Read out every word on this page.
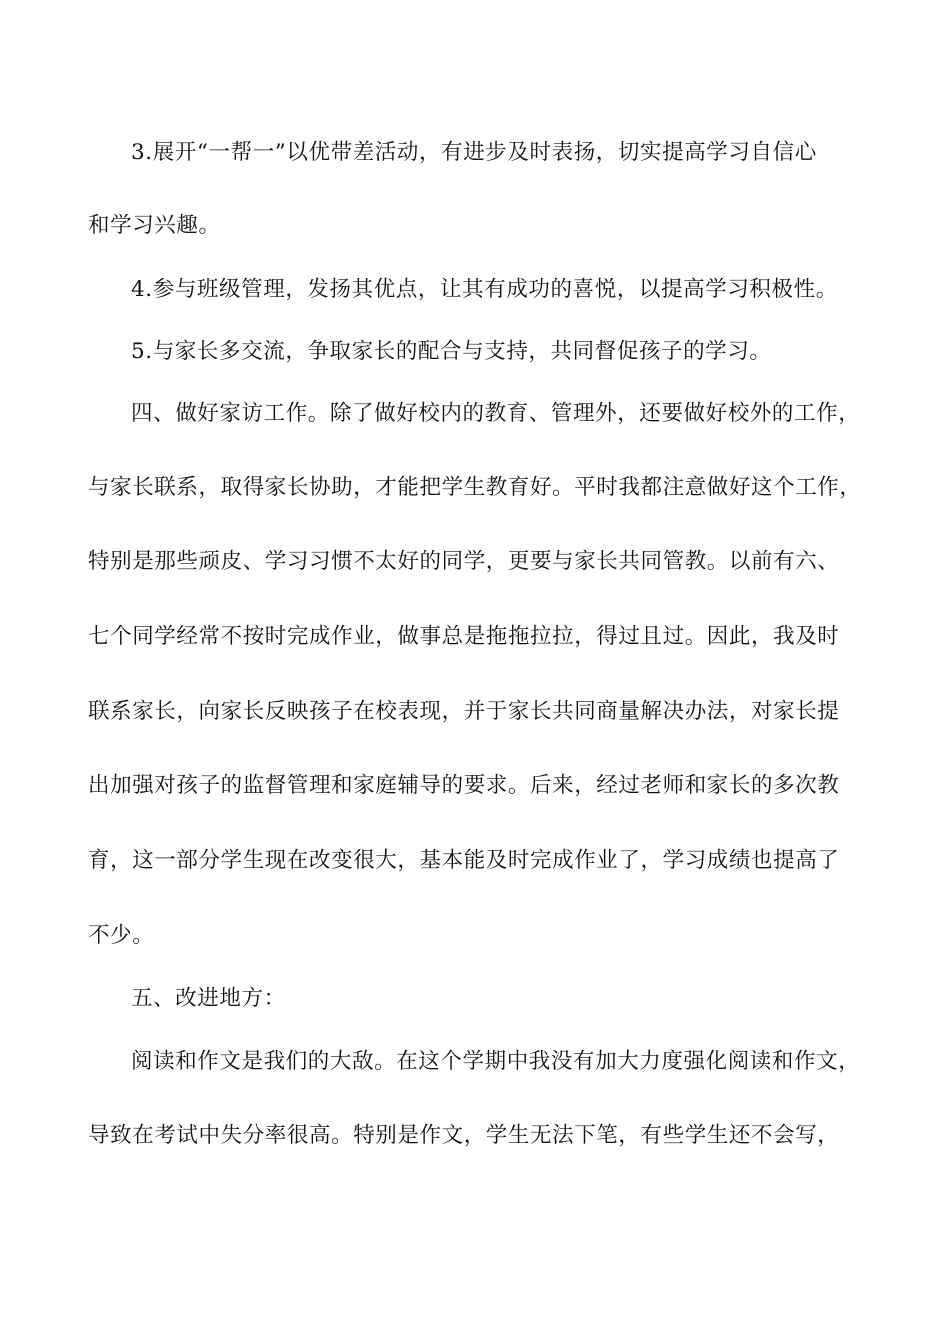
3.展开“一帮一”以优带差活动，有进步及时表扬，切实提高学习自信心
和学习兴趣。
4.参与班级管理，发扬其优点，让其有成功的喜悦，以提高学习积极性。
5.与家长多交流，争取家长的配合与支持，共同督促孩子的学习。
四、做好家访工作。除了做好校内的教育、管理外，还要做好校外的工作，
与家长联系，取得家长协助，才能把学生教育好。平时我都注意做好这个工作，
特别是那些顽皮、学习习惯不太好的同学，更要与家长共同管教。以前有六、
七个同学经常不按时完成作业，做事总是拖拖拉拉，得过且过。因此，我及时
联系家长，向家长反映孩子在校表现，并于家长共同商量解决办法，对家长提
出加强对孩子的监督管理和家庭辅导的要求。后来，经过老师和家长的多次教
育，这一部分学生现在改变很大，基本能及时完成作业了，学习成绩也提高了
不少。
五、改进地方：
阅读和作文是我们的大敌。在这个学期中我没有加大力度强化阅读和作文，
导致在考试中失分率很高。特别是作文，学生无法下笔，有些学生还不会写，
